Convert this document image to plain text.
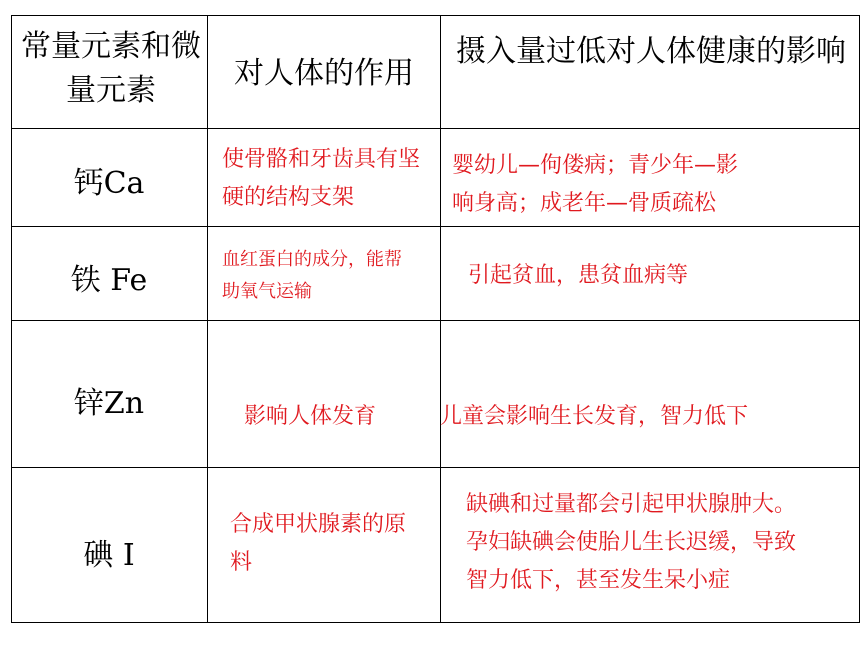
常量元素和微量元素	对人体的作用
摄入量过低对人体健康的影响
钙Ca
铁 Fe
锌Zn
碘 I
使骨骼和牙齿具有坚硬的结构支架
血红蛋白的成分，能帮助氧气运输
影响人体发育
合成甲状腺素的原料
婴幼儿—佝偻病；青少年—影响身高；成老年—骨质疏松
引起贫血，患贫血病等
儿童会影响生长发育，智力低下
缺碘和过量都会引起甲状腺肿大。孕妇缺碘会使胎儿生长迟缓，导致智力低下，甚至发生呆小症
